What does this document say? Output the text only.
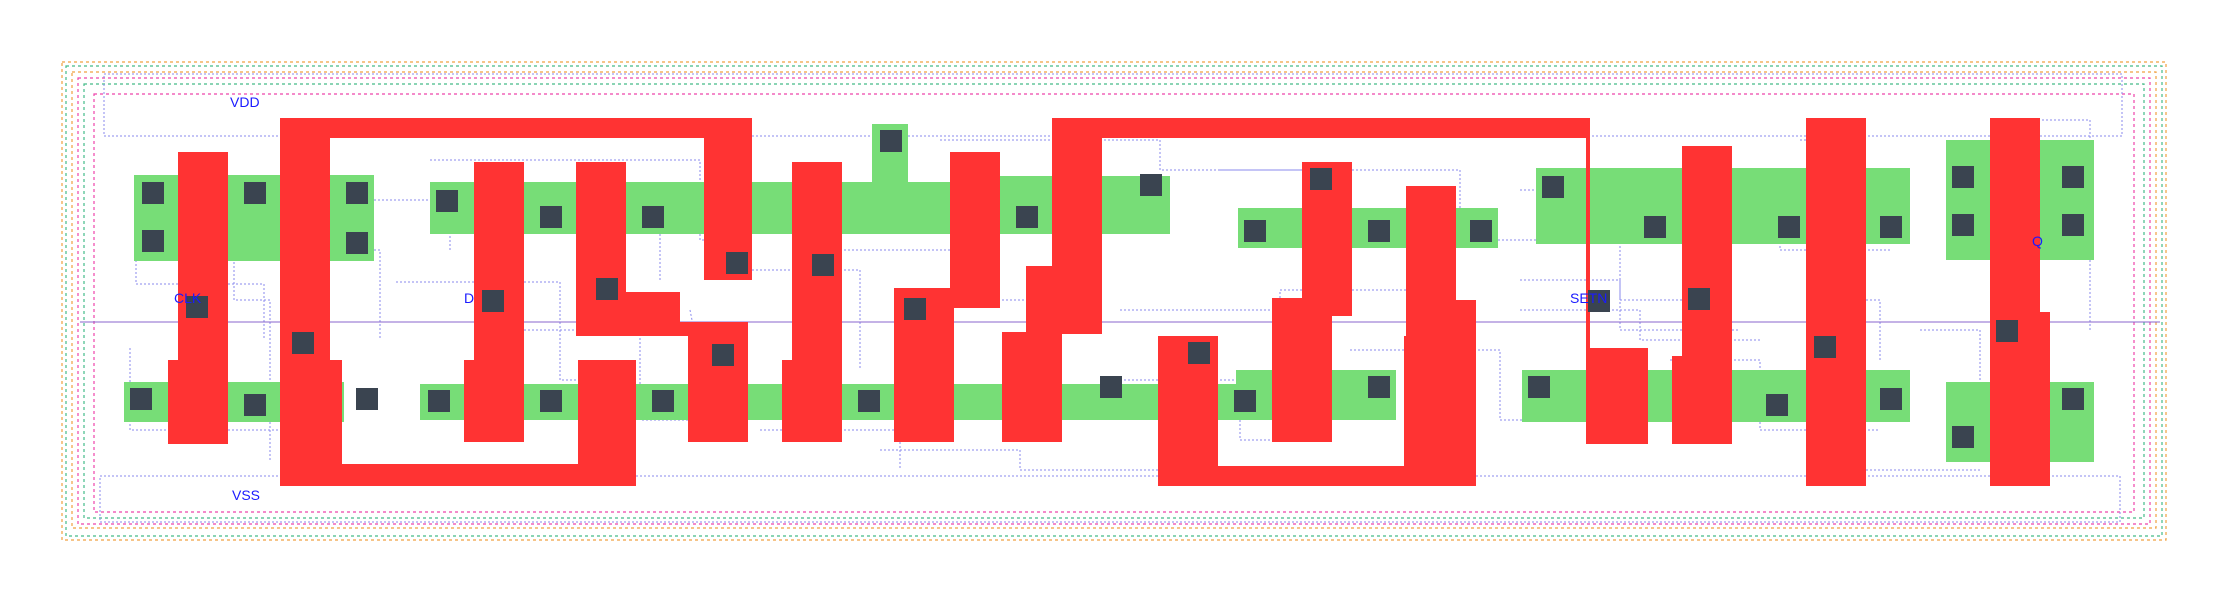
VDD
VSS
CLK	D	SETN
Q
